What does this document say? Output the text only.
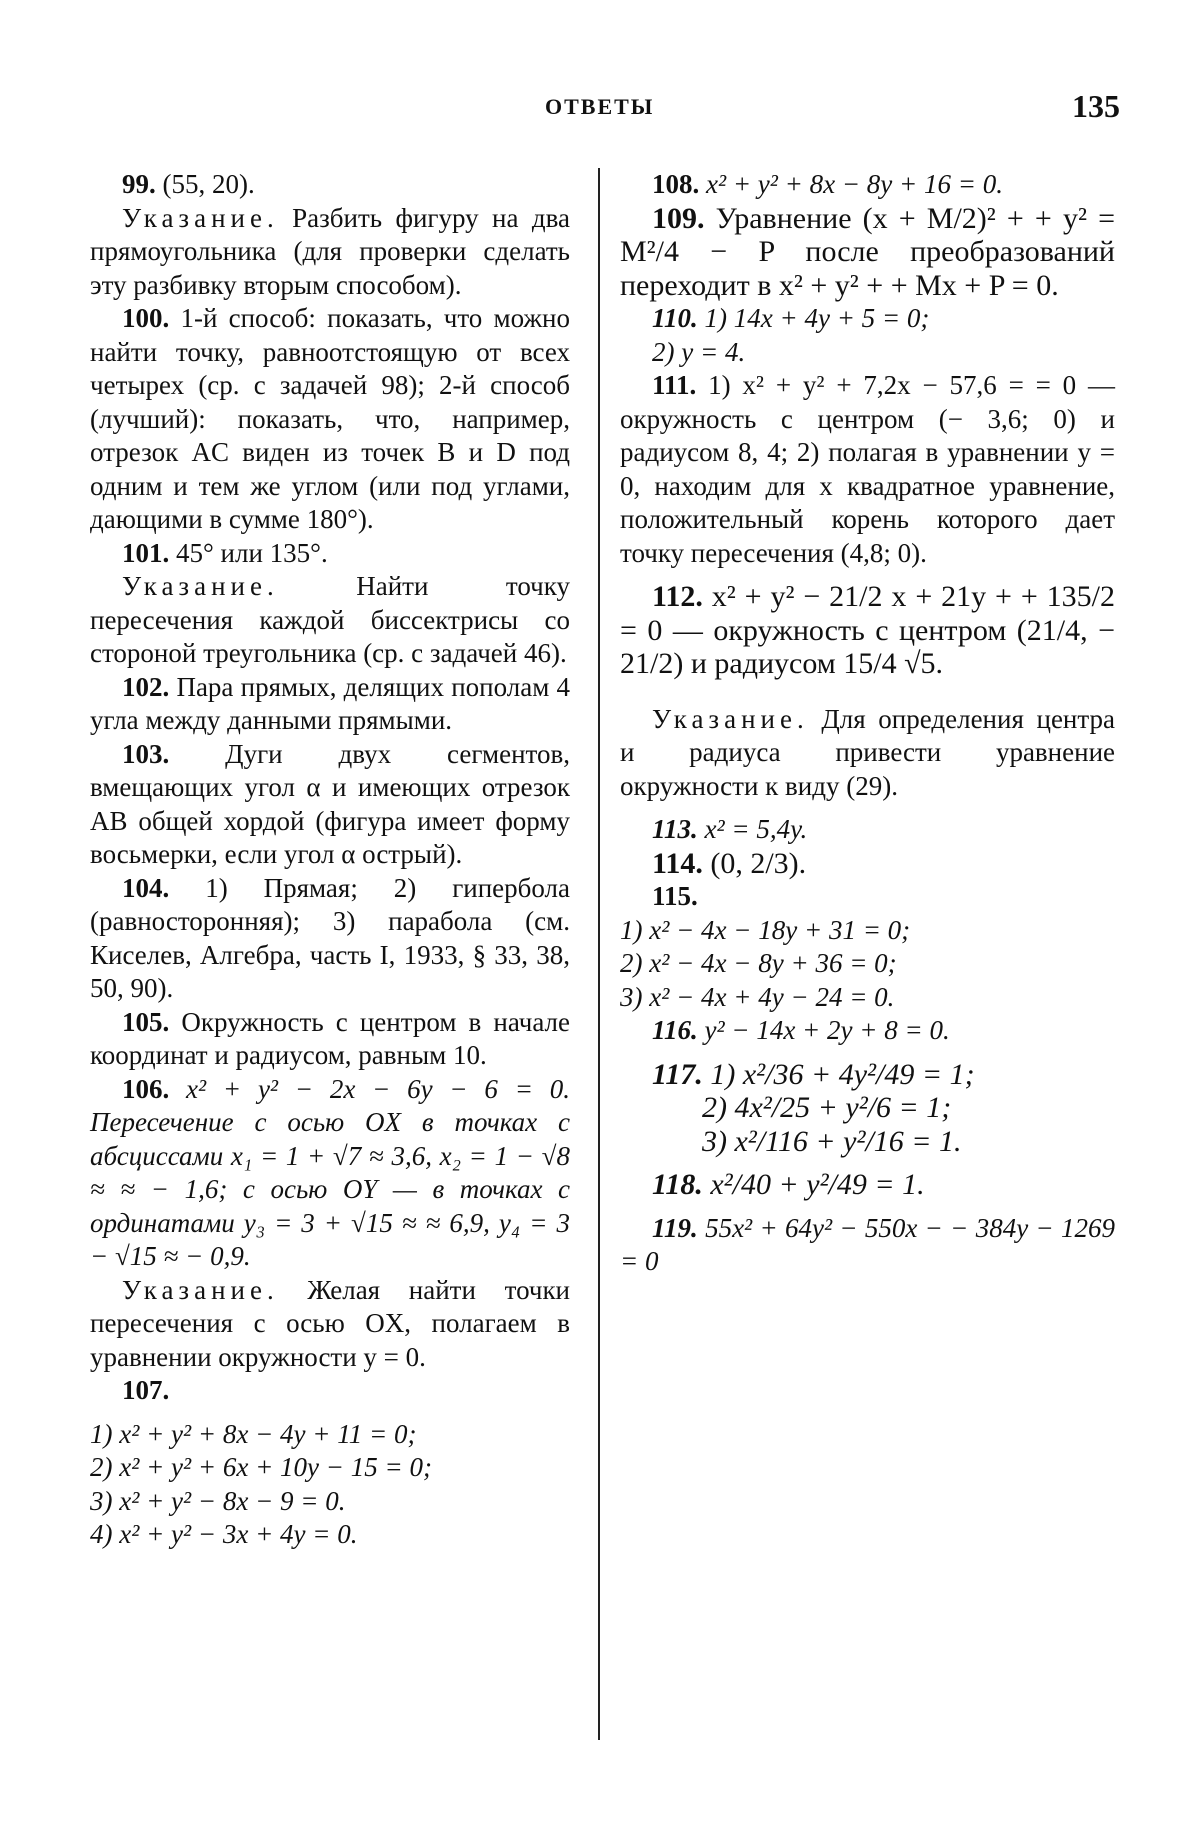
ОТВЕТЫ	135

99. (55, 20).

Указание. Разбить фигуру на два прямоугольника (для проверки сделать эту разбивку вторым способом).

100. 1-й способ: показать, что можно найти точку, равноотстоящую от всех четырех (ср. с задачей 98); 2-й способ (лучший): показать, что, например, отрезок AC виден из точек B и D под одним и тем же углом (или под углами, дающими в сумме 180°).

101. 45° или 135°.

Указание.	Найти точку пересечения каждой биссектрисы со стороной треугольника (ср. с задачей 46).

102. Пара прямых, делящих пополам 4 угла между данными прямыми.

103. Дуги двух сегментов, вмещающих угол α и имеющих отрезок AB общей хордой (фигура имеет форму восьмерки, если угол α острый).

104. 1) Прямая; 2) гипербола (равносторонняя); 3) парабола (см. Киселев, Алгебра, часть I, 1933, § 33, 38, 50, 90).

105. Окружность с центром в начале координат и радиусом, равным 10.

106. x² + y² − 2x − 6y − 6 = 0. Пересечение с осью OX в точках с абсциссами x₁ = 1 + √7 ≈ 3,6, x₂ = 1 − √8 ≈ ≈ − 1,6; с осью OY — в точках с ординатами y₃ = 3 + √15 ≈ ≈ 6,9, y₄ = 3 − √15 ≈ − 0,9.

Указание. Желая найти точки пересечения с осью OX, полагаем в уравнении окружности y = 0.

107.

1) x² + y² + 8x − 4y + 11 = 0;

2) x² + y² + 6x + 10y − 15 = 0;

3) x² + y² − 8x − 9 = 0.

4) x² + y² − 3x + 4y = 0.

108. x² + y² + 8x − 8y + 16 = 0.

109. Уравнение (x + M/2)² + + y² = M²/4 − P после преобразований переходит в x² + y² + + Mx + P = 0.

110. 1) 14x + 4y + 5 = 0;

2) y = 4.

111. 1) x² + y² + 7,2x − 57,6 = = 0 — окружность с центром (− 3,6; 0) и радиусом 8, 4; 2) полагая в уравнении y = 0, находим для x квадратное уравнение, положительный корень которого дает точку пересечения (4,8; 0).

112. x² + y² − 21/2 x + 21y + + 135/2 = 0 — окружность с центром (21/4, − 21/2) и радиусом 15/4 √5.

Указание. Для определения центра и радиуса привести уравнение окружности к виду (29).

113. x² = 5,4y.

114. (0, 2/3).

115.

1) x² − 4x − 18y + 31 = 0;

2) x² − 4x − 8y + 36 = 0;

3) x² − 4x + 4y − 24 = 0.

116. y² − 14x + 2y + 8 = 0.

117. 1) x²/36 + 4y²/49 = 1;

2) 4x²/25 + y²/6 = 1;

3) x²/116 + y²/16 = 1.

118. x²/40 + y²/49 = 1.

119. 55x² + 64y² − 550x − − 384y − 1269 = 0
